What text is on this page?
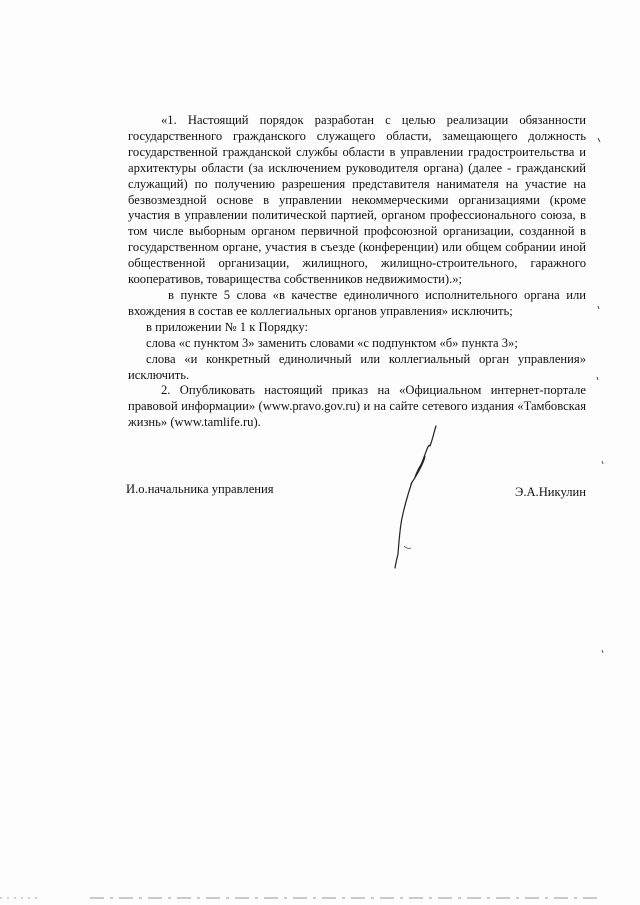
«1. Настоящий порядок разработан с целью реализации обязанности государственного гражданского служащего области, замещающего должность государственной гражданской службы области в управлении градостроительства и архитектуры области (за исключением руководителя органа) (далее - гражданский служащий) по получению разрешения представителя нанимателя на участие на безвозмездной основе в управлении некоммерческими организациями (кроме участия в управлении политической партией, органом профессионального союза, в том числе выборным органом первичной профсоюзной организации, созданной в государственном органе, участия в съезде (конференции) или общем собрании иной общественной организации, жилищного, жилищно-строительного, гаражного кооперативов, товарищества собственников недвижимости).»;

в пункте 5 слова «в качестве единоличного исполнительного органа или вхождения в состав ее коллегиальных органов управления» исключить;

в приложении № 1 к Порядку:

слова «с пунктом 3» заменить словами «с подпунктом «б» пункта 3»;

слова «и конкретный единоличный или коллегиальный орган управления» исключить.

2. Опубликовать настоящий приказ на «Официальном интернет-портале правовой информации» (www.pravo.gov.ru) и на сайте сетевого издания «Тамбовская жизнь» (www.tamlife.ru).

И.о.начальника управления	Э.А.Никулин
